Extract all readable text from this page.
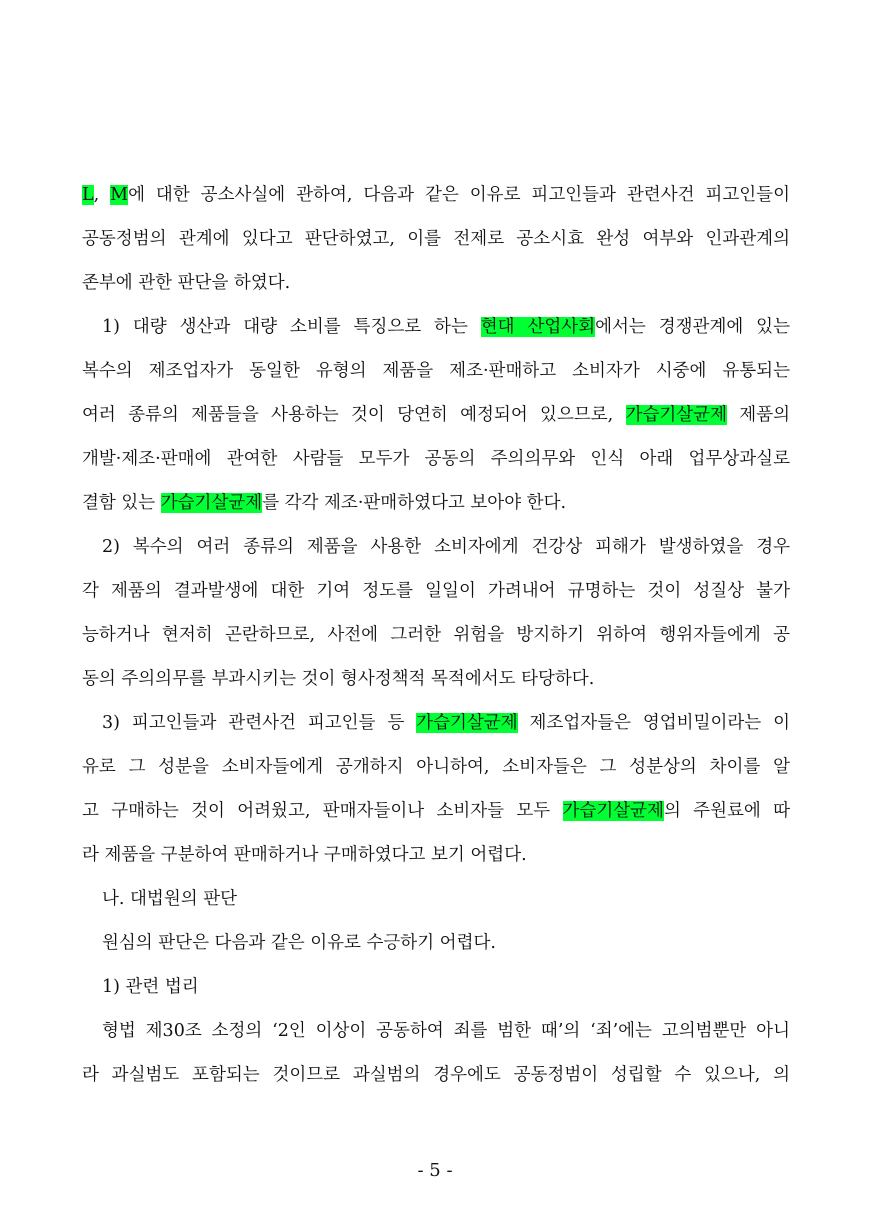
L, M에 대한 공소사실에 관하여, 다음과 같은 이유로 피고인들과 관련사건 피고인들이
공동정범의 관계에 있다고 판단하였고, 이를 전제로 공소시효 완성 여부와 인과관계의
존부에 관한 판단을 하였다.
1) 대량 생산과 대량 소비를 특징으로 하는 현대 산업사회에서는 경쟁관계에 있는
복수의 제조업자가 동일한 유형의 제품을 제조·판매하고 소비자가 시중에 유통되는
여러 종류의 제품들을 사용하는 것이 당연히 예정되어 있으므로, 가습기살균제 제품의
개발·제조·판매에 관여한 사람들 모두가 공동의 주의의무와 인식 아래 업무상과실로
결함 있는 가습기살균제를 각각 제조·판매하였다고 보아야 한다.
2) 복수의 여러 종류의 제품을 사용한 소비자에게 건강상 피해가 발생하였을 경우
각 제품의 결과발생에 대한 기여 정도를 일일이 가려내어 규명하는 것이 성질상 불가
능하거나 현저히 곤란하므로, 사전에 그러한 위험을 방지하기 위하여 행위자들에게 공
동의 주의의무를 부과시키는 것이 형사정책적 목적에서도 타당하다.
3) 피고인들과 관련사건 피고인들 등 가습기살균제 제조업자들은 영업비밀이라는 이
유로 그 성분을 소비자들에게 공개하지 아니하여, 소비자들은 그 성분상의 차이를 알
고 구매하는 것이 어려웠고, 판매자들이나 소비자들 모두 가습기살균제의 주원료에 따
라 제품을 구분하여 판매하거나 구매하였다고 보기 어렵다.
나. 대법원의 판단
원심의 판단은 다음과 같은 이유로 수긍하기 어렵다.
1) 관련 법리
형법 제30조 소정의 ‘2인 이상이 공동하여 죄를 범한 때’의 ‘죄’에는 고의범뿐만 아니
라 과실범도 포함되는 것이므로 과실범의 경우에도 공동정범이 성립할 수 있으나, 의
- 5 -
